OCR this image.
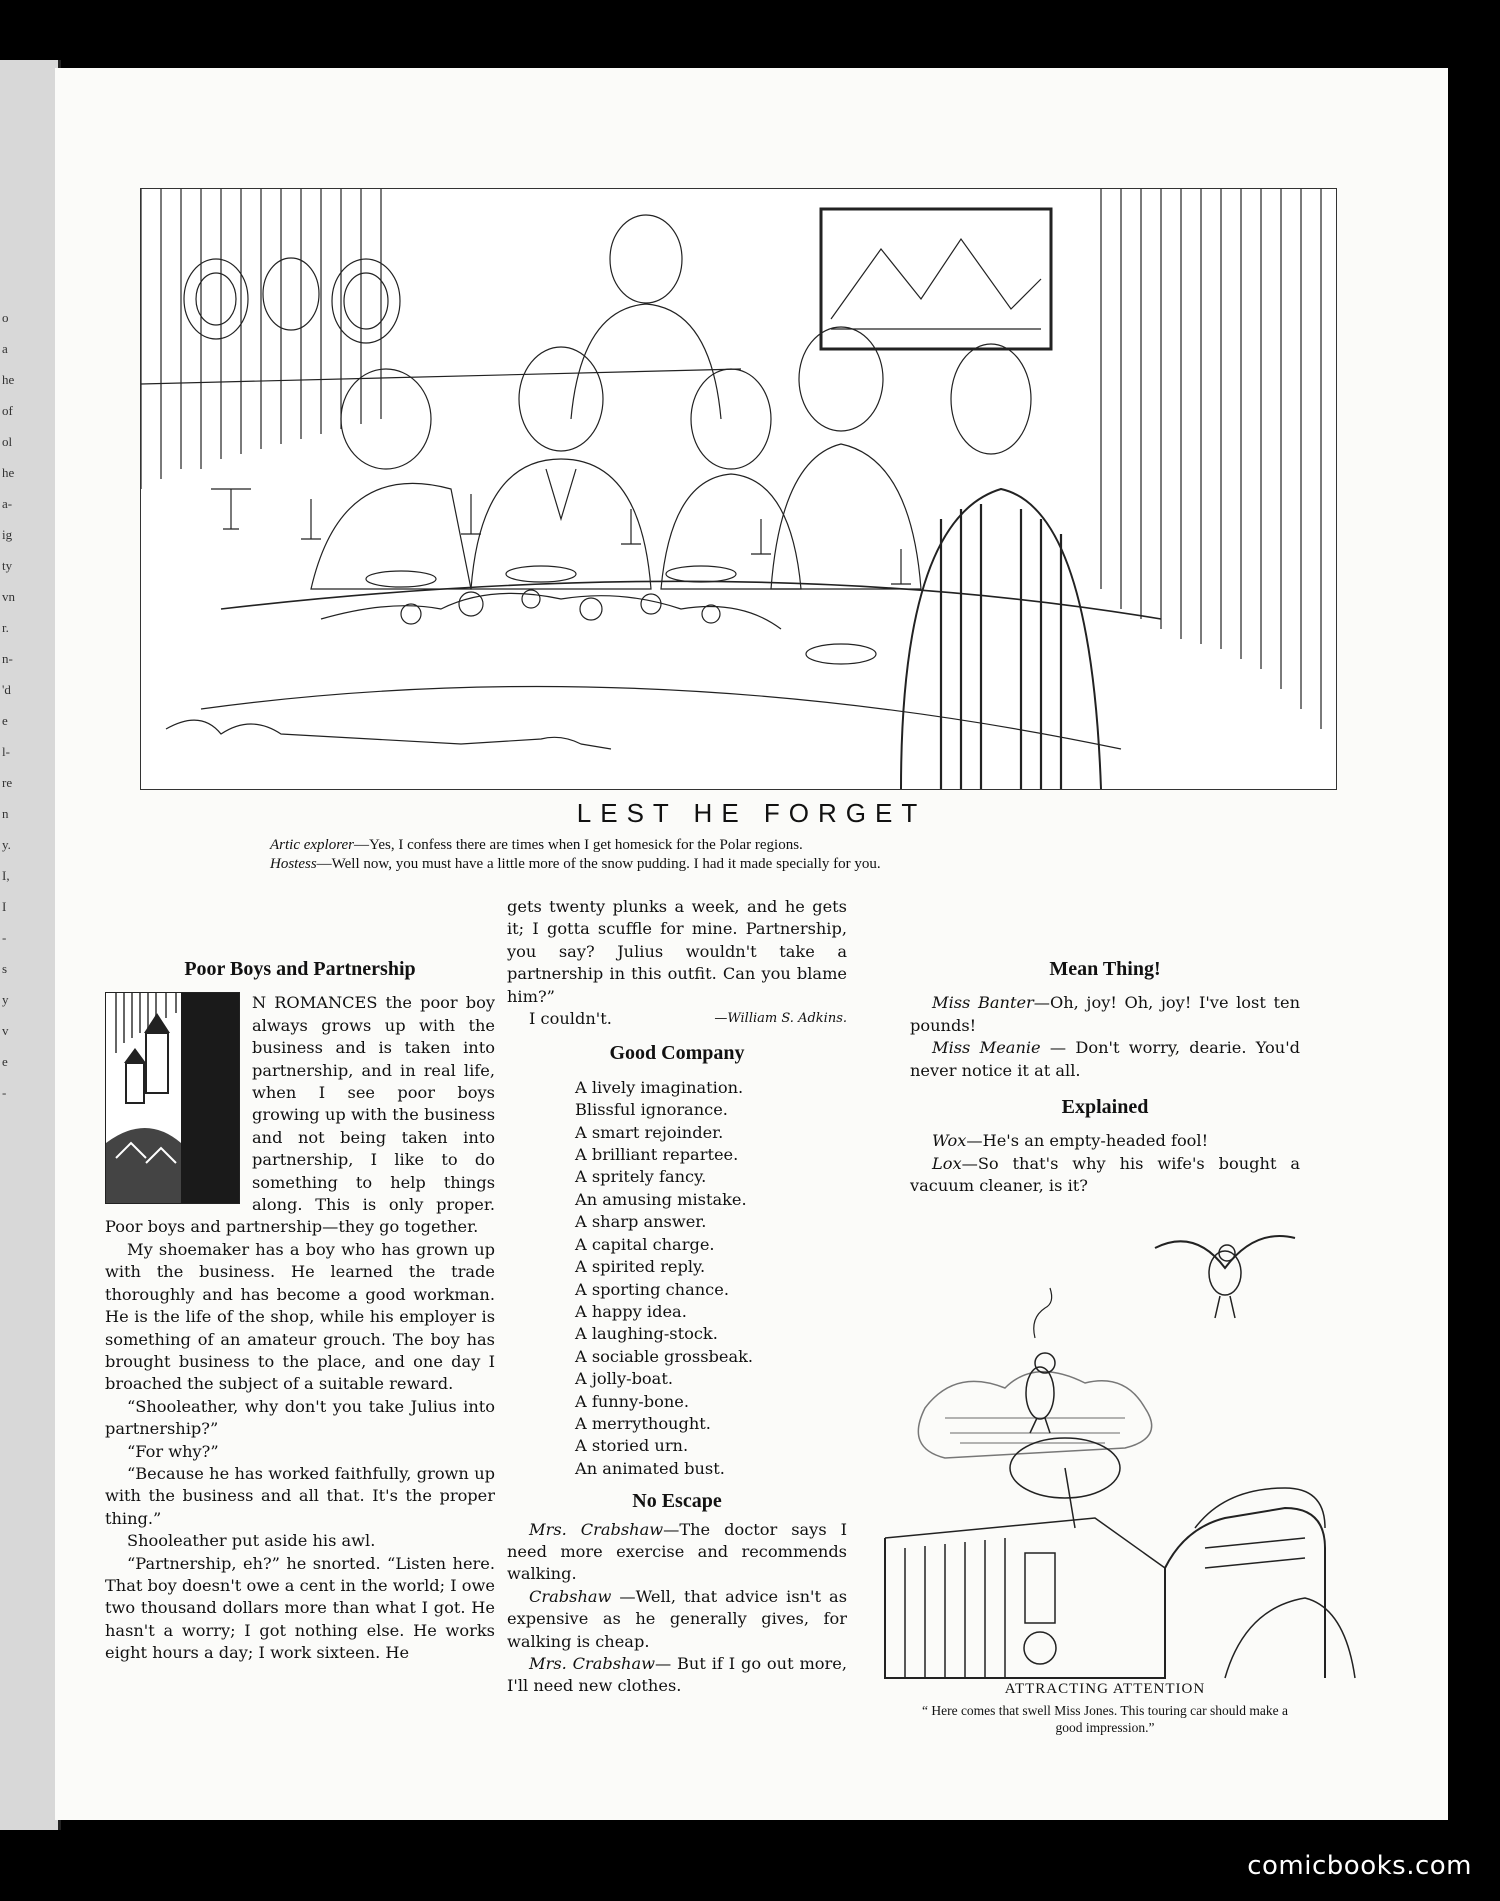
o
a
he
of
ol
he
a-
ig
ty
vn
r.
n-
'd
e
l-
re
n
y.
I,
I
-
s
y
v
e
-
LEST HE FORGET
Artic explorer—Yes, I confess there are times when I get homesick for the Polar regions.
Hostess—Well now, you must have a little more of the snow pudding. I had it made specially for you.
Poor Boys and Partnership

N ROMANCES the poor boy always grows up with the business and is taken into partnership, and in real life, when I see poor boys growing up with the business and not being taken into partnership, I like to do something to help things along. This is only proper. Poor boys and partnership—they go together.

My shoemaker has a boy who has grown up with the business. He learned the trade thoroughly and has become a good workman. He is the life of the shop, while his employer is something of an amateur grouch. The boy has brought business to the place, and one day I broached the subject of a suitable reward.

“Shooleather, why don't you take Julius into partnership?”

“For why?”

“Because he has worked faithfully, grown up with the business and all that. It's the proper thing.”

Shooleather put aside his awl.

“Partnership, eh?” he snorted. “Listen here. That boy doesn't owe a cent in the world; I owe two thousand dollars more than what I got. He hasn't a worry; I got nothing else. He works eight hours a day; I work sixteen. He

gets twenty plunks a week, and he gets it; I gotta scuffle for mine. Partnership, you say? Julius wouldn't take a partnership in this outfit. Can you blame him?”

I couldn't.	—William S. Adkins.
Good Company
A lively imagination.
Blissful ignorance.
A smart rejoinder.
A brilliant repartee.
A spritely fancy.
An amusing mistake.
A sharp answer.
A capital charge.
A spirited reply.
A sporting chance.
A happy idea.
A laughing-stock.
A sociable grossbeak.
A jolly-boat.
A funny-bone.
A merrythought.
A storied urn.
An animated bust.
No Escape

Mrs. Crabshaw—The doctor says I need more exercise and recommends walking.

Crabshaw —Well, that advice isn't as expensive as he generally gives, for walking is cheap.

Mrs. Crabshaw— But if I go out more, I'll need new clothes.

Mean Thing!

Miss Banter—Oh, joy! Oh, joy! I've lost ten pounds!

Miss Meanie — Don't worry, dearie. You'd never notice it at all.

Explained

Wox—He's an empty-headed fool!

Lox—So that's why his wife's bought a vacuum cleaner, is it?

ATTRACTING ATTENTION
“ Here comes that swell Miss Jones. This touring car should make a good impression.”
comicbooks.com
